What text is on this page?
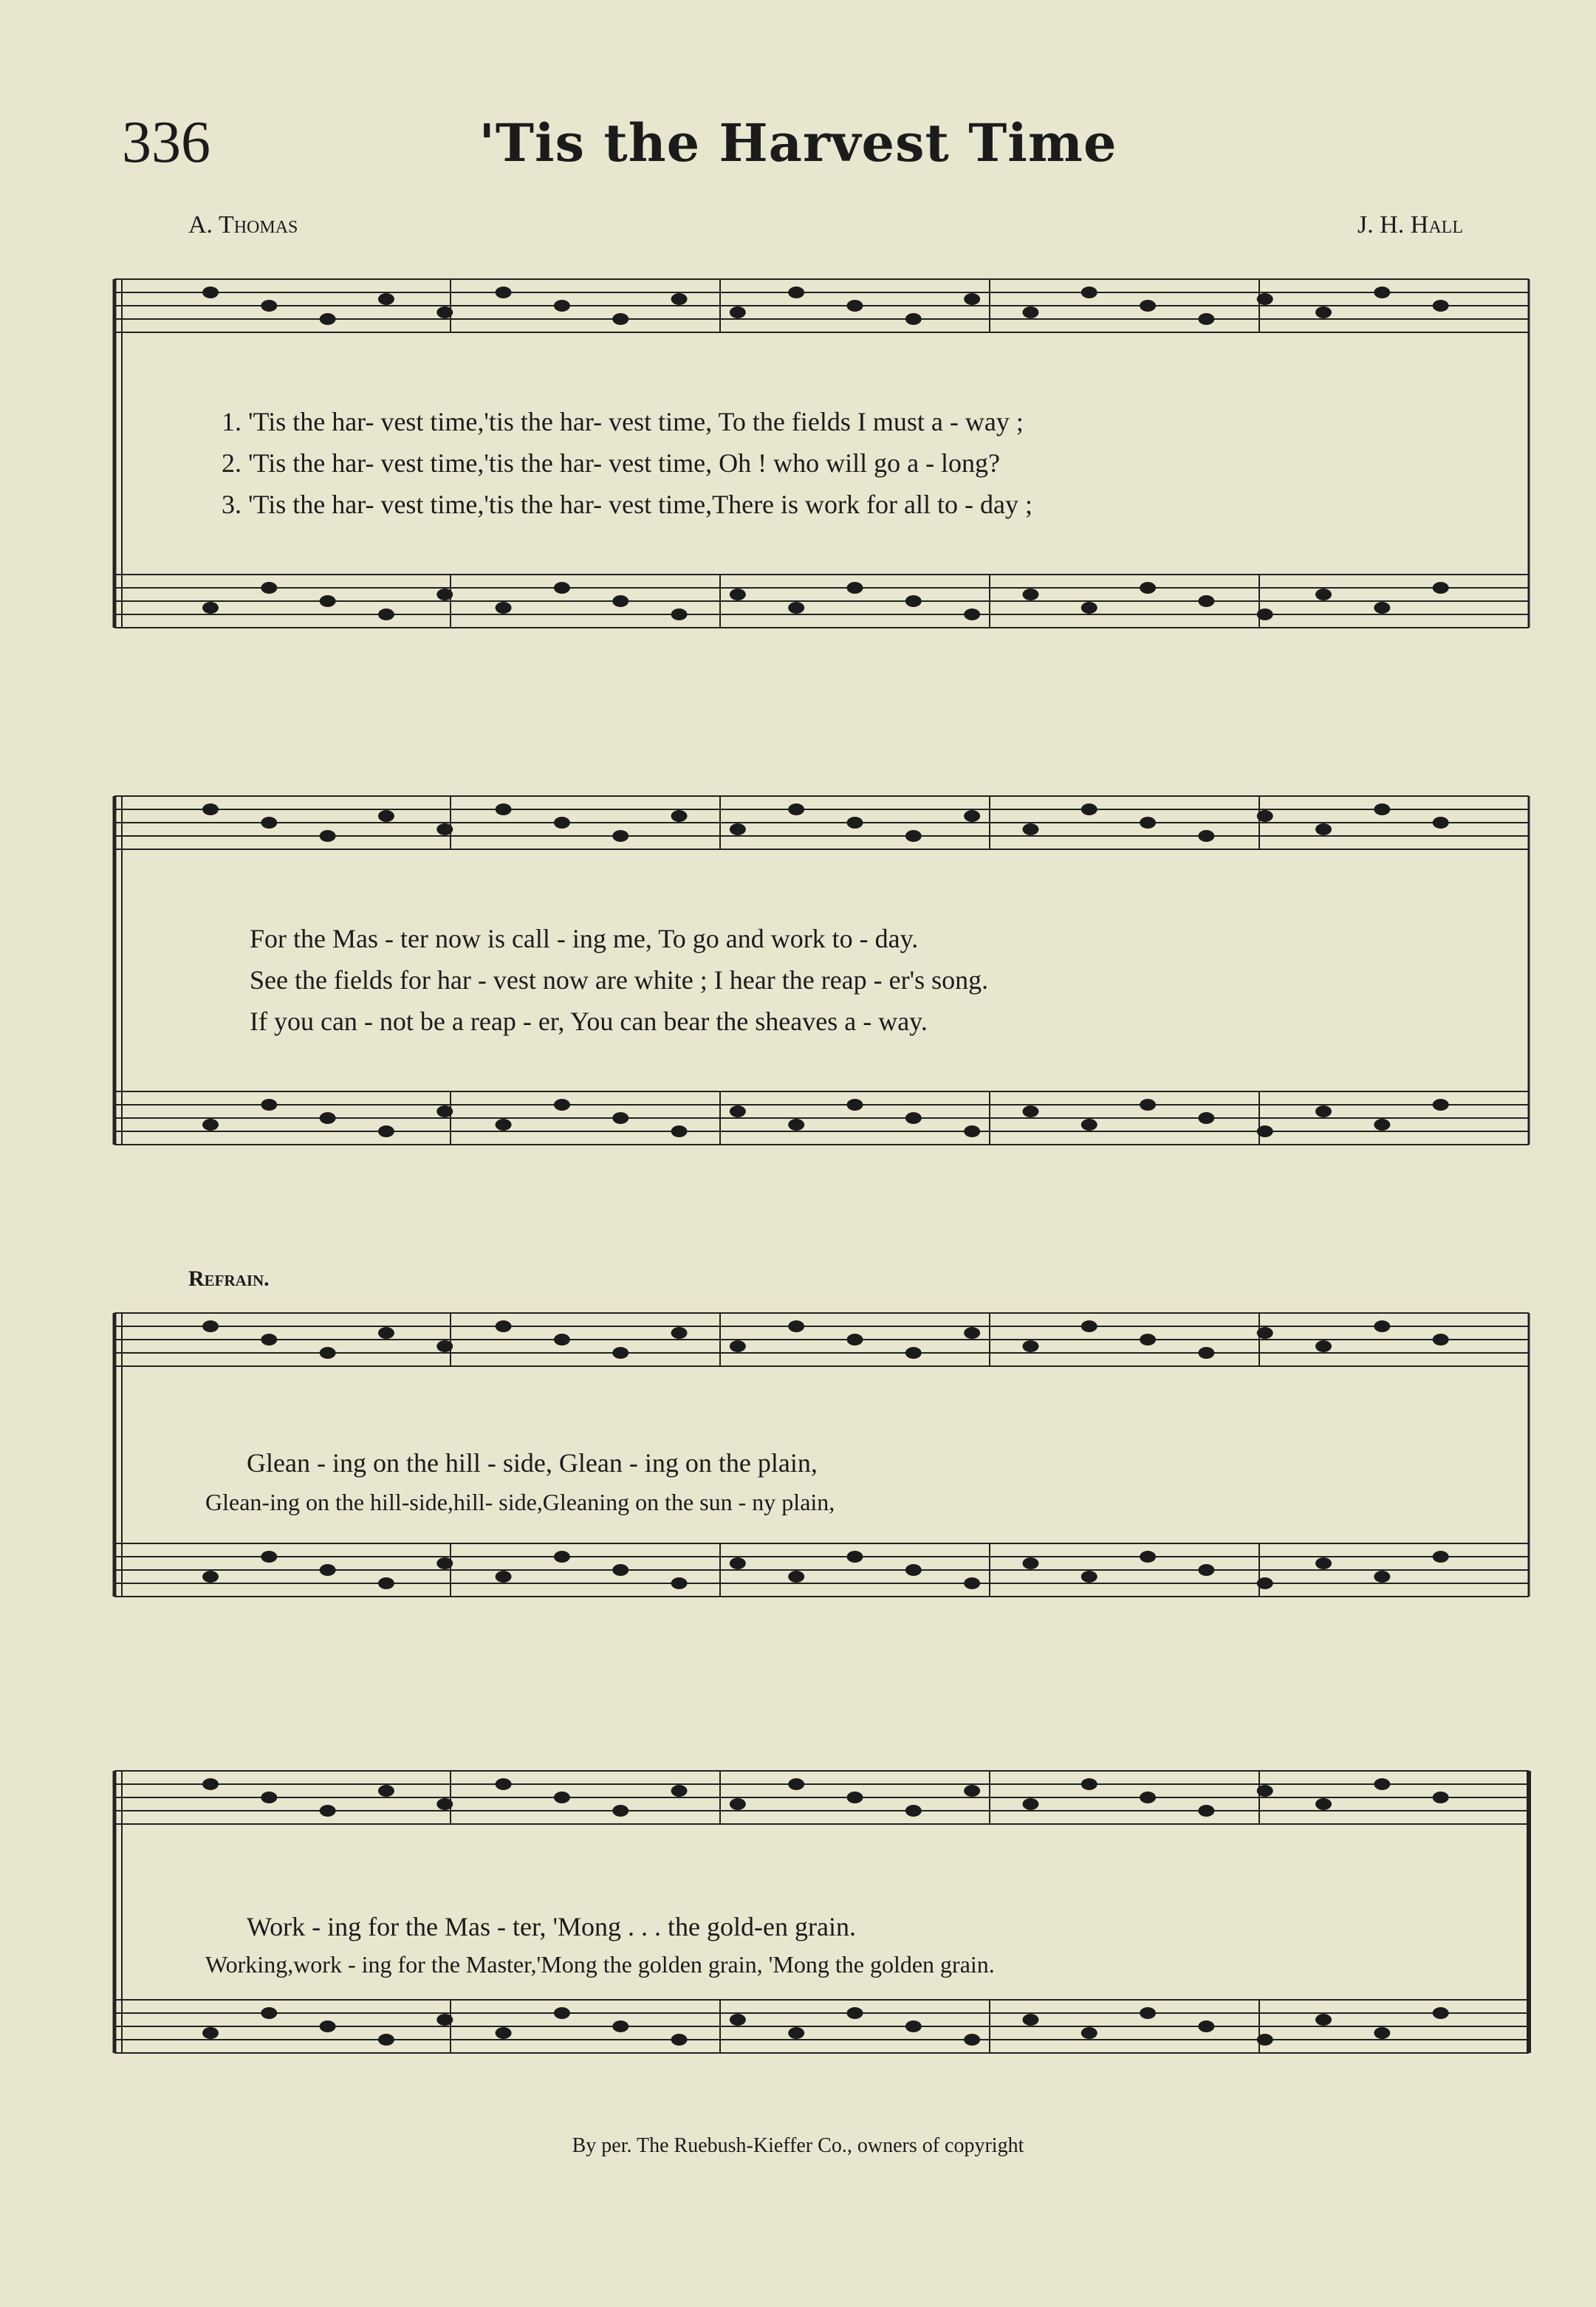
336	'Tis the Harvest Time
A. Thomas	J. H. Hall
1. 'Tis the har- vest time,'tis the har- vest time, To the fields I must a - way ;
2. 'Tis the har- vest time,'tis the har- vest time, Oh ! who will go a - long?
3. 'Tis the har- vest time,'tis the har- vest time,There is work for all to - day ;
For the Mas - ter now is call - ing me, To go and work to - day.
See the fields for har - vest now are white ; I hear the reap - er's song.
If you can - not be a reap - er, You can bear the sheaves a - way.
Refrain.
Glean - ing on the hill - side, Glean - ing on the plain,
Glean-ing on the hill-side,hill- side,Gleaning on the sun - ny plain,
Work - ing for the Mas - ter, 'Mong . . . the gold-en grain.
Working,work - ing for the Master,'Mong the golden grain, 'Mong the golden grain.
By per. The Ruebush-Kieffer Co., owners of copyright
